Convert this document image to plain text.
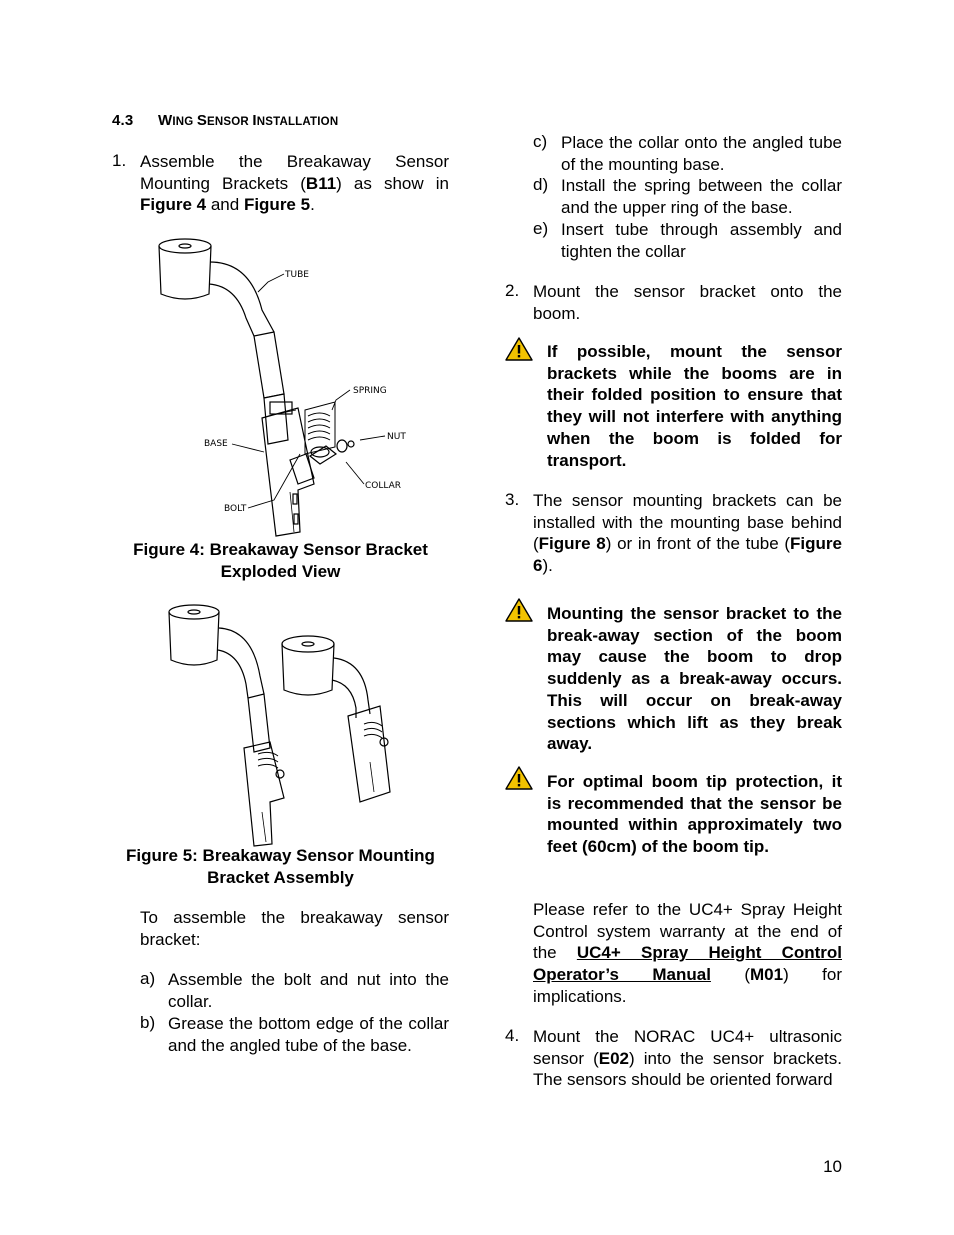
4.3 WING SENSOR INSTALLATION
1. Assemble the Breakaway Sensor Mounting Brackets (B11) as show in Figure 4 and Figure 5.
TUBE
SPRING
NUT
COLLAR
BASE
BOLT
Figure 4: Breakaway Sensor Bracket
Exploded View
Figure 5: Breakaway Sensor Mounting
Bracket Assembly
To assemble the breakaway sensor bracket:
a) Assemble the bolt and nut into the collar.
b) Grease the bottom edge of the collar and the angled tube of the base.
c) Place the collar onto the angled tube of the mounting base.
d) Install the spring between the collar and the upper ring of the base.
e) Insert tube through assembly and tighten the collar
2. Mount the sensor bracket onto the boom.
If possible, mount the sensor brackets while the booms are in their folded position to ensure that they will not interfere with anything when the boom is folded for transport.
3. The sensor mounting brackets can be installed with the mounting base behind (Figure 8) or in front of the tube (Figure 6).
Mounting the sensor bracket to the break-away section of the boom may cause the boom to drop suddenly as a break-away occurs. This will occur on break-away sections which lift as they break away.
For optimal boom tip protection, it is recommended that the sensor be mounted within approximately two feet (60cm) of the boom tip.
Please refer to the UC4+ Spray Height Control system warranty at the end of the UC4+ Spray Height Control Operator’s Manual (M01) for implications.
4. Mount the NORAC UC4+ ultrasonic sensor (E02) into the sensor brackets. The sensors should be oriented forward
10
